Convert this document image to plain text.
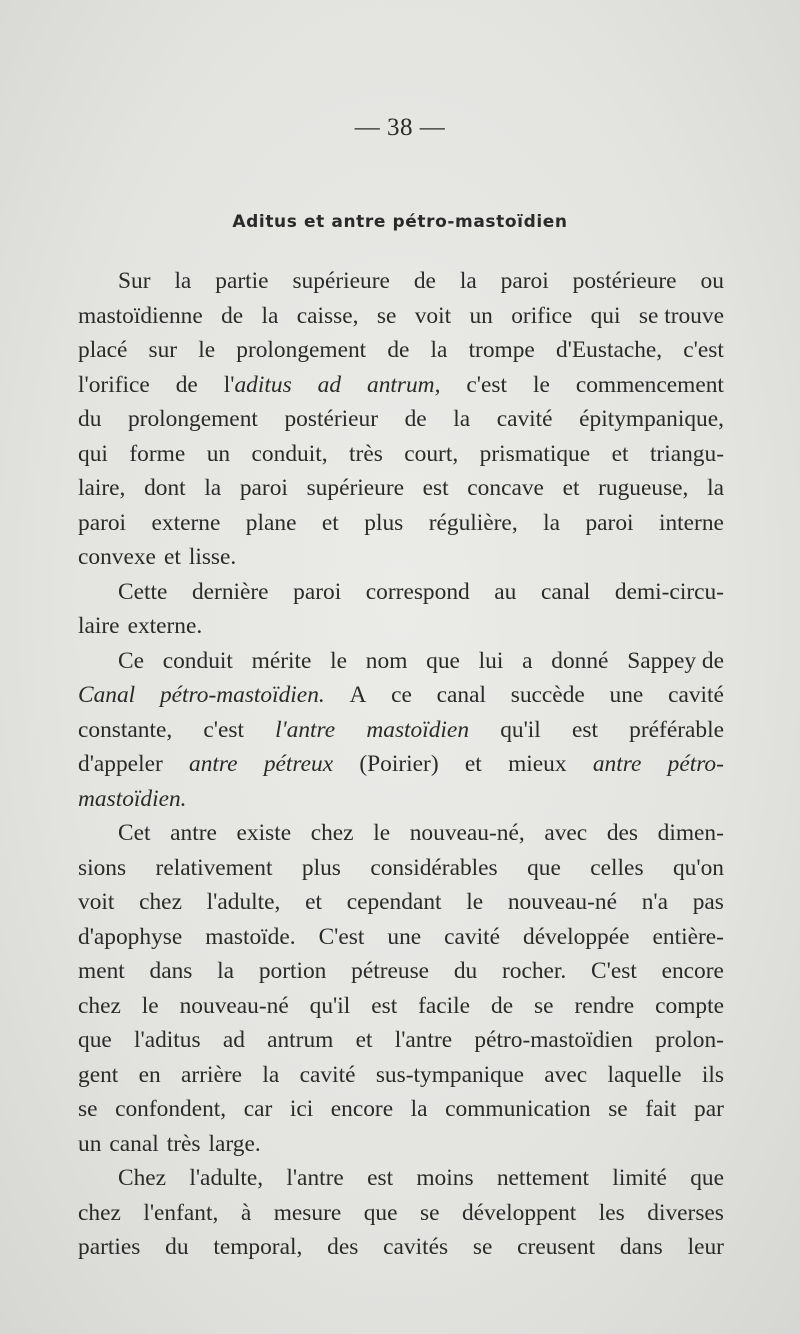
— 38 —
Aditus et antre pétro-mastoïdien
Sur la partie supérieure de la paroi postérieure ou
mastoïdienne de la caisse, se voit un orifice qui se trouve
placé sur le prolongement de la trompe d'Eustache, c'est
l'orifice de l'aditus ad antrum, c'est le commencement
du prolongement postérieur de la cavité épitympanique,
qui forme un conduit, très court, prismatique et triangu-
laire, dont la paroi supérieure est concave et rugueuse, la
paroi externe plane et plus régulière, la paroi interne
convexe et lisse.
Cette dernière paroi correspond au canal demi-circu-
laire externe.
Ce conduit mérite le nom que lui a donné Sappey de
Canal pétro-mastoïdien. A ce canal succède une cavité
constante, c'est l'antre mastoïdien qu'il est préférable
d'appeler antre pétreux (Poirier) et mieux antre pétro-
mastoïdien.
Cet antre existe chez le nouveau-né, avec des dimen-
sions relativement plus considérables que celles qu'on
voit chez l'adulte, et cependant le nouveau-né n'a pas
d'apophyse mastoïde. C'est une cavité développée entière-
ment dans la portion pétreuse du rocher. C'est encore
chez le nouveau-né qu'il est facile de se rendre compte
que l'aditus ad antrum et l'antre pétro-mastoïdien prolon-
gent en arrière la cavité sus-tympanique avec laquelle ils
se confondent, car ici encore la communication se fait par
un canal très large.
Chez l'adulte, l'antre est moins nettement limité que
chez l'enfant, à mesure que se développent les diverses
parties du temporal, des cavités se creusent dans leur
